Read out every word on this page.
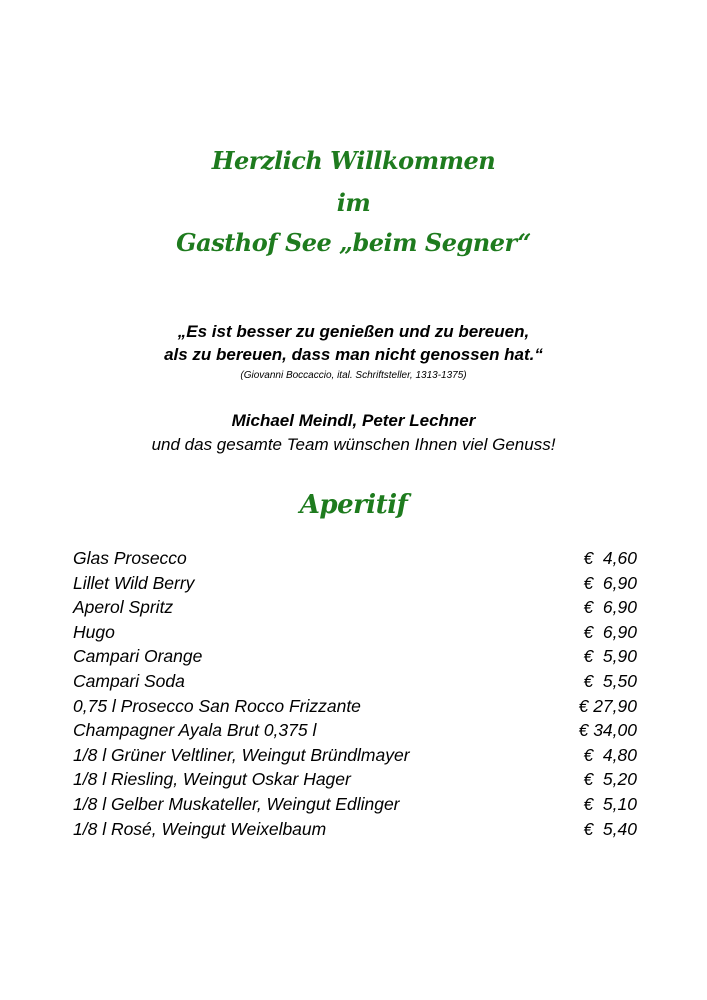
Herzlich Willkommen
im
Gasthof See „beim Segner“
„Es ist besser zu genießen und zu bereuen,
als zu bereuen, dass man nicht genossen hat.“
(Giovanni Boccaccio, ital. Schriftsteller, 1313-1375)
Michael Meindl, Peter Lechner
und das gesamte Team wünschen Ihnen viel Genuss!
Aperitif
Glas Prosecco	€  4,60
Lillet Wild Berry	€  6,90
Aperol Spritz	€  6,90
Hugo	€  6,90
Campari Orange	€  5,90
Campari Soda	€  5,50
0,75 l Prosecco San Rocco Frizzante	€ 27,90
Champagner Ayala Brut 0,375 l	€ 34,00
1/8 l Grüner Veltliner, Weingut Bründlmayer	€  4,80
1/8 l Riesling, Weingut Oskar Hager	€  5,20
1/8 l Gelber Muskateller, Weingut Edlinger	€  5,10
1/8 l Rosé, Weingut Weixelbaum	€  5,40
